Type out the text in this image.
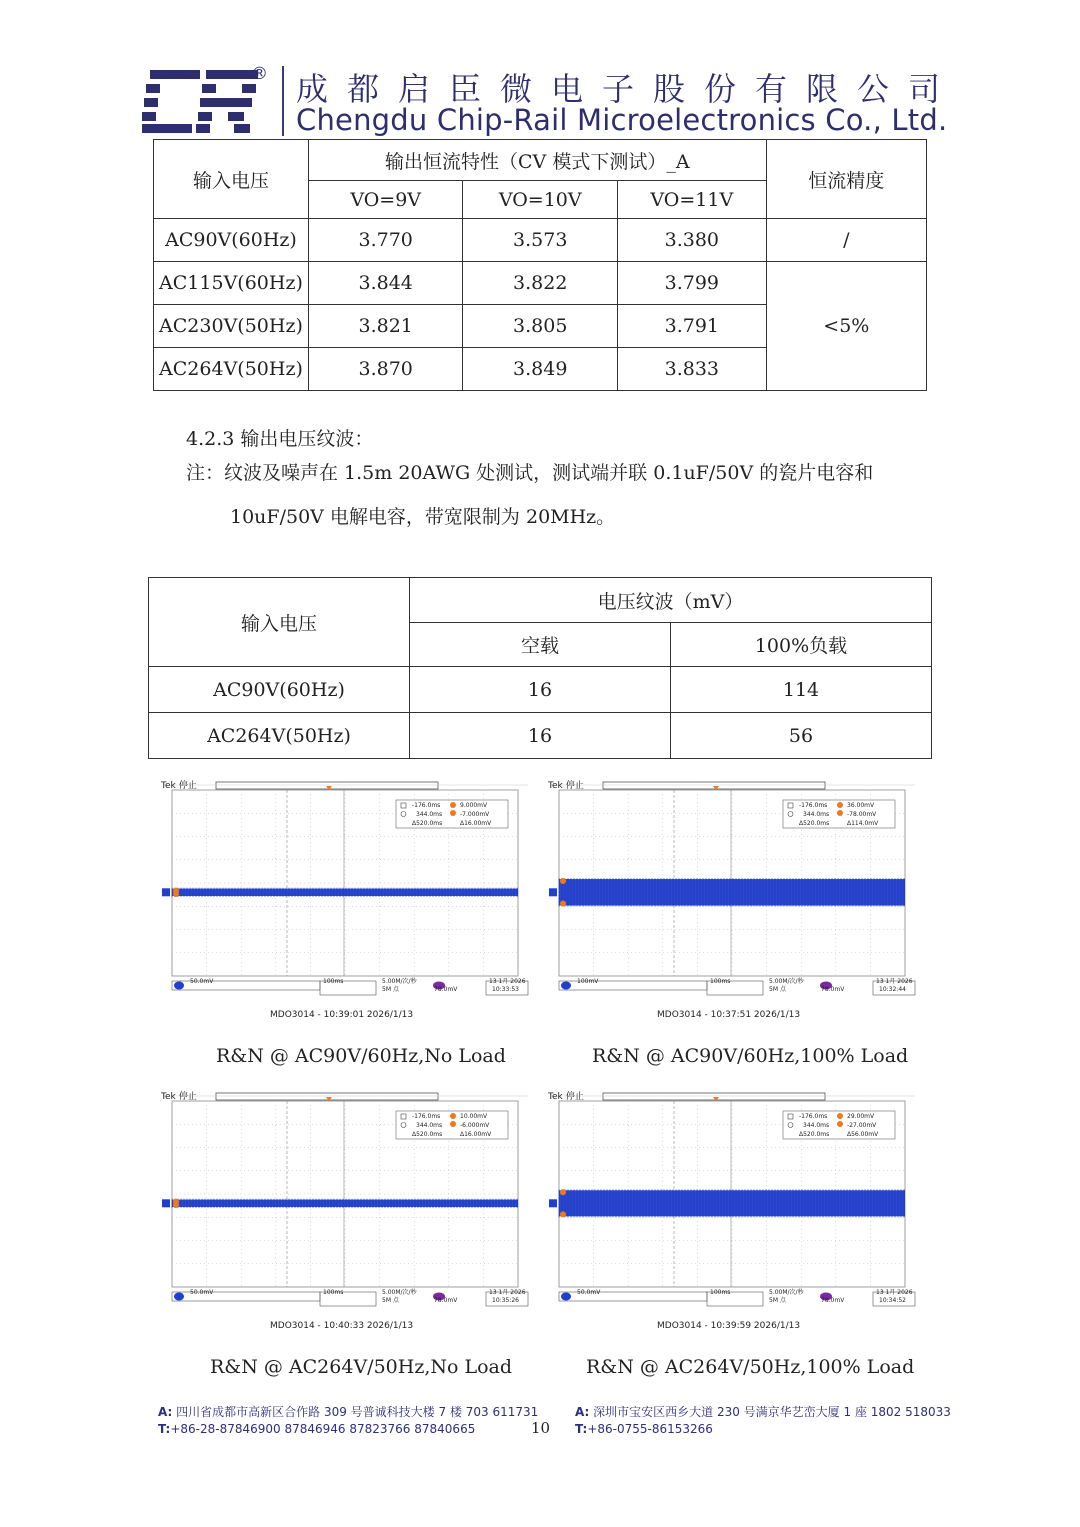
® 成都启臣微电子股份有限公司
Chengdu Chip-Rail Microelectronics Co., Ltd.
输入电压	输出恒流特性（CV 模式下测试）_A			恒流精度
	VO=9V	VO=10V	VO=11V	
AC90V(60Hz)	3.770	3.573	3.380	/
AC115V(60Hz)	3.844	3.822	3.799	<5%
AC230V(50Hz)	3.821	3.805	3.791	
AC264V(50Hz)	3.870	3.849	3.833	
4.2.3 输出电压纹波：
注：纹波及噪声在 1.5m 20AWG 处测试，测试端并联 0.1uF/50V 的瓷片电容和
10uF/50V 电解电容，带宽限制为 20MHz。
输入电压	电压纹波（mV）	
	空载	100%负载
AC90V(60Hz)	16	114
AC264V(50Hz)	16	56
Tek 停止
-176.0ms
344.0ms
Δ520.0ms
9.000mV
-7.000mV
Δ16.00mV
50.0mV	100ms	5.00M/次/秒
5M 点	78.0mV
13 1月 2026
10:33:53
MDO3014 - 10:39:01 2026/1/13
Tek 停止
-176.0ms
344.0ms
Δ520.0ms
36.00mV
-78.00mV
Δ114.0mV
100mV	100ms	5.00M/次/秒
5M 点	78.0mV
13 1月 2026
10:32:44
MDO3014 - 10:37:51 2026/1/13
Tek 停止
-176.0ms
344.0ms
Δ520.0ms
10.00mV
-6.000mV
Δ16.00mV
50.0mV	100ms	5.00M/次/秒
5M 点	78.0mV
13 1月 2026
10:35:26
MDO3014 - 10:40:33 2026/1/13
Tek 停止
-176.0ms
344.0ms
Δ520.0ms
29.00mV
-27.00mV
Δ56.00mV
50.0mV	100ms	5.00M/次/秒
5M 点	78.0mV
13 1月 2026
10:34:52
MDO3014 - 10:39:59 2026/1/13
R&N @ AC90V/60Hz,No Load	R&N @ AC90V/60Hz,100% Load
R&N @ AC264V/50Hz,No Load	R&N @ AC264V/50Hz,100% Load
A: 四川省成都市高新区合作路 309 号普诚科技大楼 7 楼 703 611731
T:+86-28-87846900 87846946 87823766 87840665
A: 深圳市宝安区西乡大道 230 号满京华艺峦大厦 1 座 1802 518033
T:+86-0755-86153266
10
